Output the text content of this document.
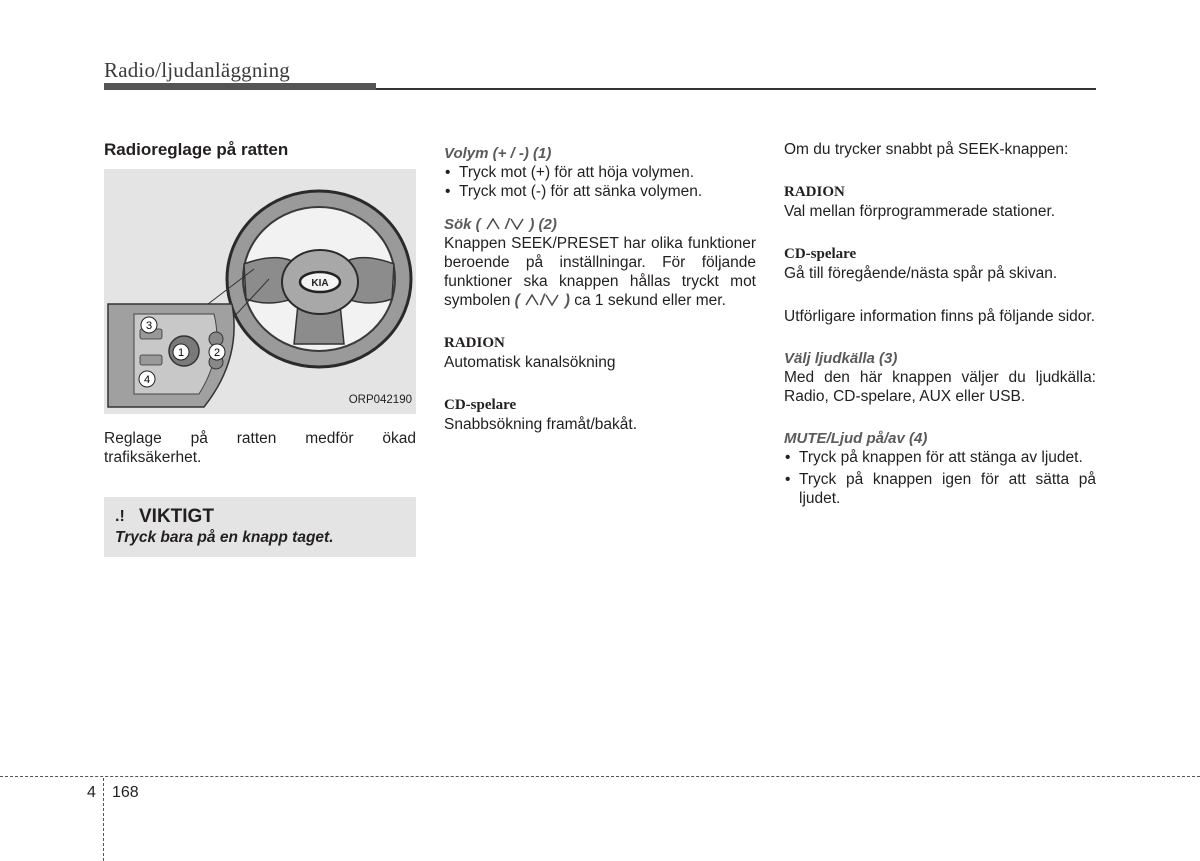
Radio/ljudanläggning
Radioreglage på ratten
KIA
3
1	2
4
ORP042190

Reglage på ratten medför ökad trafiksäkerhet.

.! VIKTIGT
Tryck bara på en knapp taget.

Volym (+ / -) (1)

• Tryck mot (+) för att höja volymen.
• Tryck mot (-) för att sänka volymen.

Sök ( / ) (2)

Knappen SEEK/PRESET har olika funktioner beroende på inställningar. För följande funktioner ska knappen hållas tryckt mot symbolen ( / ) ca 1 sekund eller mer.

RADION

Automatisk kanalsökning

CD-spelare

Snabbsökning framåt/bakåt.

Om du trycker snabbt på SEEK-knappen:

RADION

Val mellan förprogrammerade stationer.

CD-spelare

Gå till föregående/nästa spår på skivan.

Utförligare information finns på följande sidor.

Välj ljudkälla (3)

Med den här knappen väljer du ljudkälla: Radio, CD-spelare, AUX eller USB.

MUTE/Ljud på/av (4)

• Tryck på knappen för att stänga av ljudet.
• Tryck på knappen igen för att sätta på ljudet.
4 168
